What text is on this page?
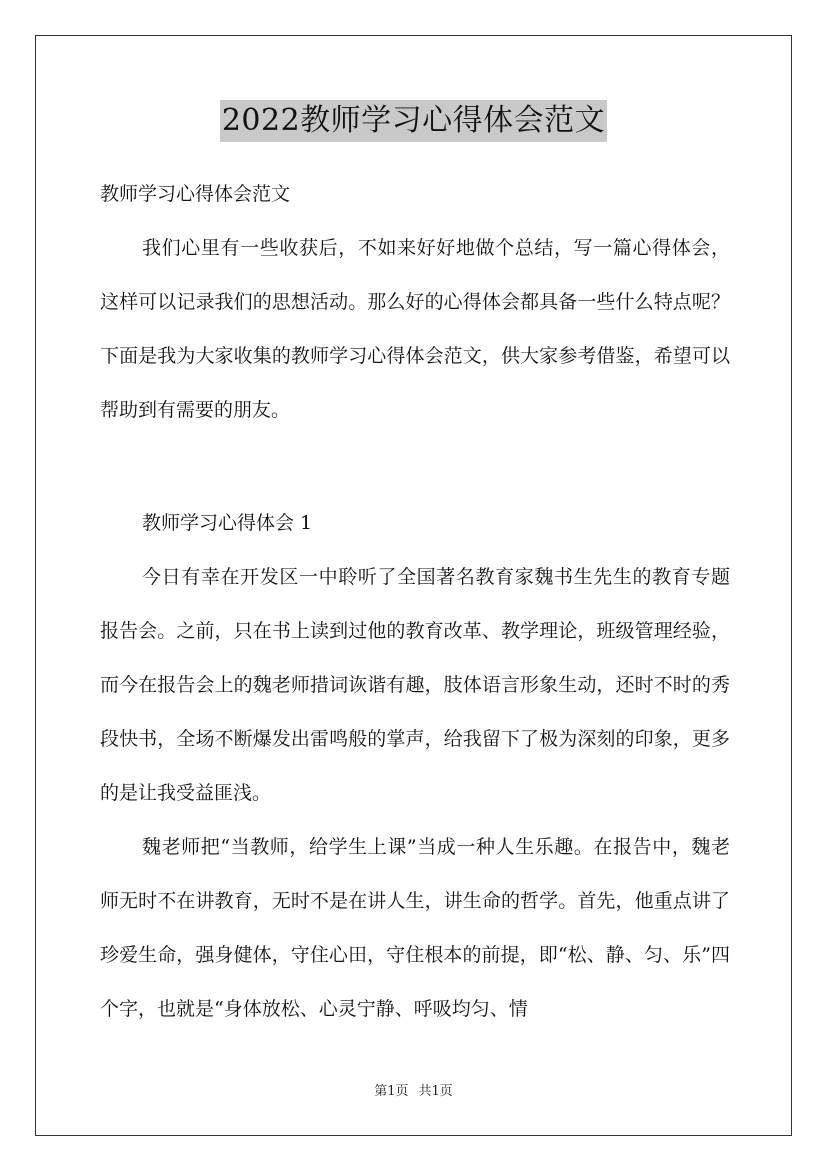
2022教师学习心得体会范文
教师学习心得体会范文

我们心里有一些收获后，不如来好好地做个总结，写一篇心得体会，这样可以记录我们的思想活动。那么好的心得体会都具备一些什么特点呢？下面是我为大家收集的教师学习心得体会范文，供大家参考借鉴，希望可以帮助到有需要的朋友。

教师学习心得体会 1

今日有幸在开发区一中聆听了全国著名教育家魏书生先生的教育专题报告会。之前，只在书上读到过他的教育改革、教学理论，班级管理经验，而今在报告会上的魏老师措词诙谐有趣，肢体语言形象生动，还时不时的秀段快书，全场不断爆发出雷鸣般的掌声，给我留下了极为深刻的印象，更多的是让我受益匪浅。

魏老师把“当教师，给学生上课”当成一种人生乐趣。在报告中，魏老师无时不在讲教育，无时不是在讲人生，讲生命的哲学。首先，他重点讲了珍爱生命，强身健体，守住心田，守住根本的前提，即“松、静、匀、乐”四个字，也就是“身体放松、心灵宁静、呼吸均匀、情

第1页 共1页
